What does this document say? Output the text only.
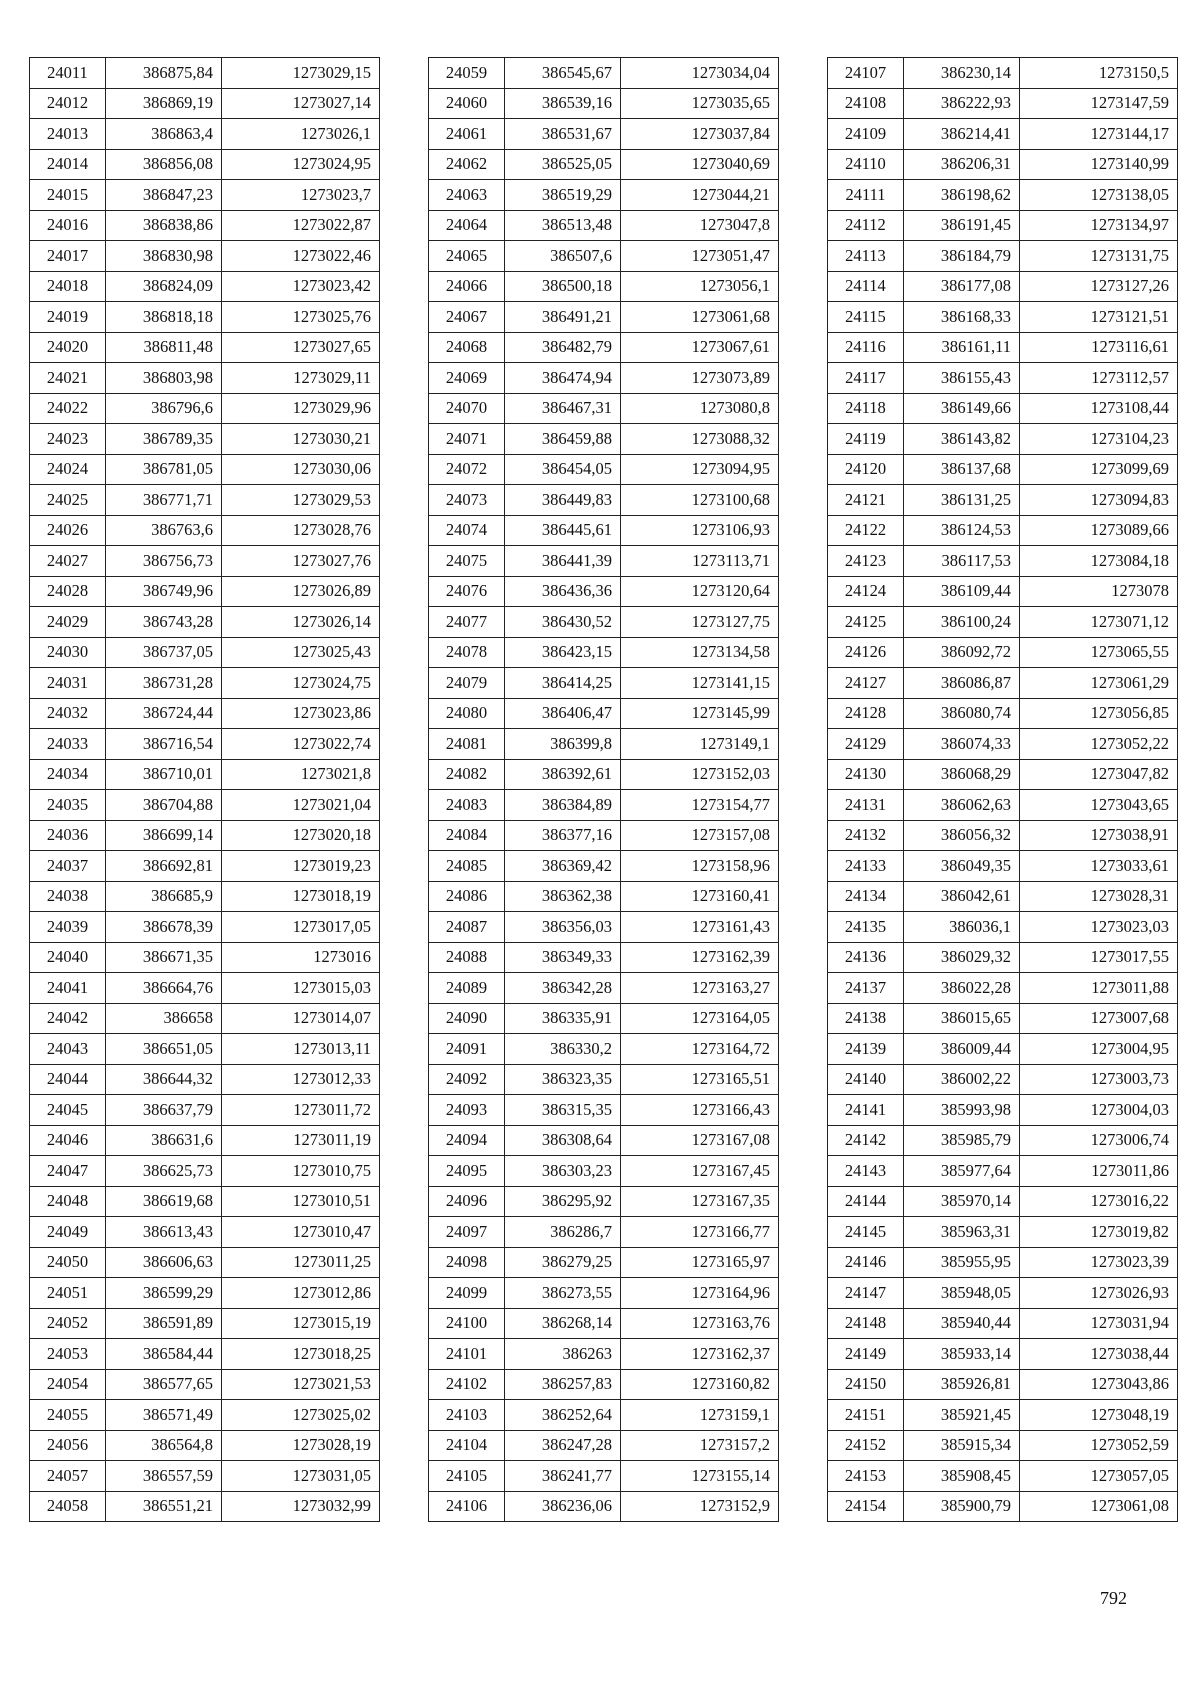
24011	386875,84	1273029,15
24012	386869,19	1273027,14
24013	386863,4	1273026,1
24014	386856,08	1273024,95
24015	386847,23	1273023,7
24016	386838,86	1273022,87
24017	386830,98	1273022,46
24018	386824,09	1273023,42
24019	386818,18	1273025,76
24020	386811,48	1273027,65
24021	386803,98	1273029,11
24022	386796,6	1273029,96
24023	386789,35	1273030,21
24024	386781,05	1273030,06
24025	386771,71	1273029,53
24026	386763,6	1273028,76
24027	386756,73	1273027,76
24028	386749,96	1273026,89
24029	386743,28	1273026,14
24030	386737,05	1273025,43
24031	386731,28	1273024,75
24032	386724,44	1273023,86
24033	386716,54	1273022,74
24034	386710,01	1273021,8
24035	386704,88	1273021,04
24036	386699,14	1273020,18
24037	386692,81	1273019,23
24038	386685,9	1273018,19
24039	386678,39	1273017,05
24040	386671,35	1273016
24041	386664,76	1273015,03
24042	386658	1273014,07
24043	386651,05	1273013,11
24044	386644,32	1273012,33
24045	386637,79	1273011,72
24046	386631,6	1273011,19
24047	386625,73	1273010,75
24048	386619,68	1273010,51
24049	386613,43	1273010,47
24050	386606,63	1273011,25
24051	386599,29	1273012,86
24052	386591,89	1273015,19
24053	386584,44	1273018,25
24054	386577,65	1273021,53
24055	386571,49	1273025,02
24056	386564,8	1273028,19
24057	386557,59	1273031,05
24058	386551,21	1273032,99
24059	386545,67	1273034,04
24060	386539,16	1273035,65
24061	386531,67	1273037,84
24062	386525,05	1273040,69
24063	386519,29	1273044,21
24064	386513,48	1273047,8
24065	386507,6	1273051,47
24066	386500,18	1273056,1
24067	386491,21	1273061,68
24068	386482,79	1273067,61
24069	386474,94	1273073,89
24070	386467,31	1273080,8
24071	386459,88	1273088,32
24072	386454,05	1273094,95
24073	386449,83	1273100,68
24074	386445,61	1273106,93
24075	386441,39	1273113,71
24076	386436,36	1273120,64
24077	386430,52	1273127,75
24078	386423,15	1273134,58
24079	386414,25	1273141,15
24080	386406,47	1273145,99
24081	386399,8	1273149,1
24082	386392,61	1273152,03
24083	386384,89	1273154,77
24084	386377,16	1273157,08
24085	386369,42	1273158,96
24086	386362,38	1273160,41
24087	386356,03	1273161,43
24088	386349,33	1273162,39
24089	386342,28	1273163,27
24090	386335,91	1273164,05
24091	386330,2	1273164,72
24092	386323,35	1273165,51
24093	386315,35	1273166,43
24094	386308,64	1273167,08
24095	386303,23	1273167,45
24096	386295,92	1273167,35
24097	386286,7	1273166,77
24098	386279,25	1273165,97
24099	386273,55	1273164,96
24100	386268,14	1273163,76
24101	386263	1273162,37
24102	386257,83	1273160,82
24103	386252,64	1273159,1
24104	386247,28	1273157,2
24105	386241,77	1273155,14
24106	386236,06	1273152,9
24107	386230,14	1273150,5
24108	386222,93	1273147,59
24109	386214,41	1273144,17
24110	386206,31	1273140,99
24111	386198,62	1273138,05
24112	386191,45	1273134,97
24113	386184,79	1273131,75
24114	386177,08	1273127,26
24115	386168,33	1273121,51
24116	386161,11	1273116,61
24117	386155,43	1273112,57
24118	386149,66	1273108,44
24119	386143,82	1273104,23
24120	386137,68	1273099,69
24121	386131,25	1273094,83
24122	386124,53	1273089,66
24123	386117,53	1273084,18
24124	386109,44	1273078
24125	386100,24	1273071,12
24126	386092,72	1273065,55
24127	386086,87	1273061,29
24128	386080,74	1273056,85
24129	386074,33	1273052,22
24130	386068,29	1273047,82
24131	386062,63	1273043,65
24132	386056,32	1273038,91
24133	386049,35	1273033,61
24134	386042,61	1273028,31
24135	386036,1	1273023,03
24136	386029,32	1273017,55
24137	386022,28	1273011,88
24138	386015,65	1273007,68
24139	386009,44	1273004,95
24140	386002,22	1273003,73
24141	385993,98	1273004,03
24142	385985,79	1273006,74
24143	385977,64	1273011,86
24144	385970,14	1273016,22
24145	385963,31	1273019,82
24146	385955,95	1273023,39
24147	385948,05	1273026,93
24148	385940,44	1273031,94
24149	385933,14	1273038,44
24150	385926,81	1273043,86
24151	385921,45	1273048,19
24152	385915,34	1273052,59
24153	385908,45	1273057,05
24154	385900,79	1273061,08
792
